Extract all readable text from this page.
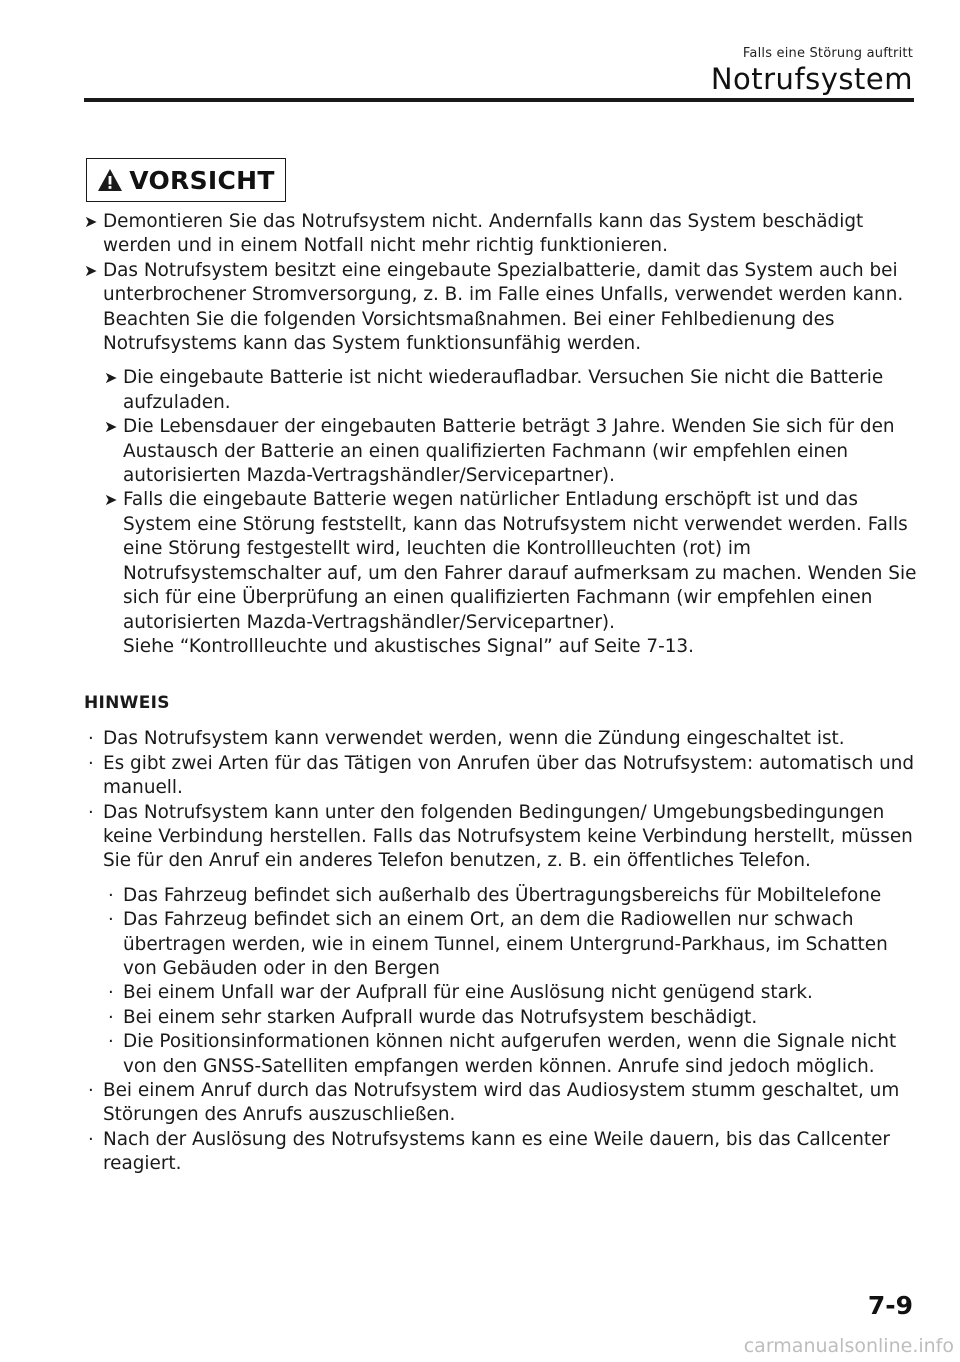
Falls eine Störung auftritt
Notrufsystem
VORSICHT

➤ Demontieren Sie das Notrufsystem nicht. Andernfalls kann das System beschädigt werden und in einem Notfall nicht mehr richtig funktionieren.

➤ Das Notrufsystem besitzt eine eingebaute Spezialbatterie, damit das System auch bei unterbrochener Stromversorgung, z. B. im Falle eines Unfalls, verwendet werden kann.

Beachten Sie die folgenden Vorsichtsmaßnahmen. Bei einer Fehlbedienung des Notrufsystems kann das System funktionsunfähig werden.

➤ Die eingebaute Batterie ist nicht wiederaufladbar. Versuchen Sie nicht die Batterie aufzuladen.

➤ Die Lebensdauer der eingebauten Batterie beträgt 3 Jahre. Wenden Sie sich für den Austausch der Batterie an einen qualifizierten Fachmann (wir empfehlen einen autorisierten Mazda-Vertragshändler/Servicepartner).

➤ Falls die eingebaute Batterie wegen natürlicher Entladung erschöpft ist und das System eine Störung feststellt, kann das Notrufsystem nicht verwendet werden. Falls eine Störung festgestellt wird, leuchten die Kontrollleuchten (rot) im Notrufsystemschalter auf, um den Fahrer darauf aufmerksam zu machen. Wenden Sie sich für eine Überprüfung an einen qualifizierten Fachmann (wir empfehlen einen autorisierten Mazda-Vertragshändler/Servicepartner).

Siehe “Kontrollleuchte und akustisches Signal” auf Seite 7-13.

HINWEIS

· Das Notrufsystem kann verwendet werden, wenn die Zündung eingeschaltet ist.

· Es gibt zwei Arten für das Tätigen von Anrufen über das Notrufsystem: automatisch und manuell.

· Das Notrufsystem kann unter den folgenden Bedingungen/ Umgebungsbedingungen keine Verbindung herstellen. Falls das Notrufsystem keine Verbindung herstellt, müssen Sie für den Anruf ein anderes Telefon benutzen, z. B. ein öffentliches Telefon.

· Das Fahrzeug befindet sich außerhalb des Übertragungsbereichs für Mobiltelefone

· Das Fahrzeug befindet sich an einem Ort, an dem die Radiowellen nur schwach übertragen werden, wie in einem Tunnel, einem Untergrund-Parkhaus, im Schatten von Gebäuden oder in den Bergen

· Bei einem Unfall war der Aufprall für eine Auslösung nicht genügend stark.

· Bei einem sehr starken Aufprall wurde das Notrufsystem beschädigt.

· Die Positionsinformationen können nicht aufgerufen werden, wenn die Signale nicht von den GNSS-Satelliten empfangen werden können. Anrufe sind jedoch möglich.

· Bei einem Anruf durch das Notrufsystem wird das Audiosystem stumm geschaltet, um Störungen des Anrufs auszuschließen.

· Nach der Auslösung des Notrufsystems kann es eine Weile dauern, bis das Callcenter reagiert.

7-9
carmanualsonline.info
